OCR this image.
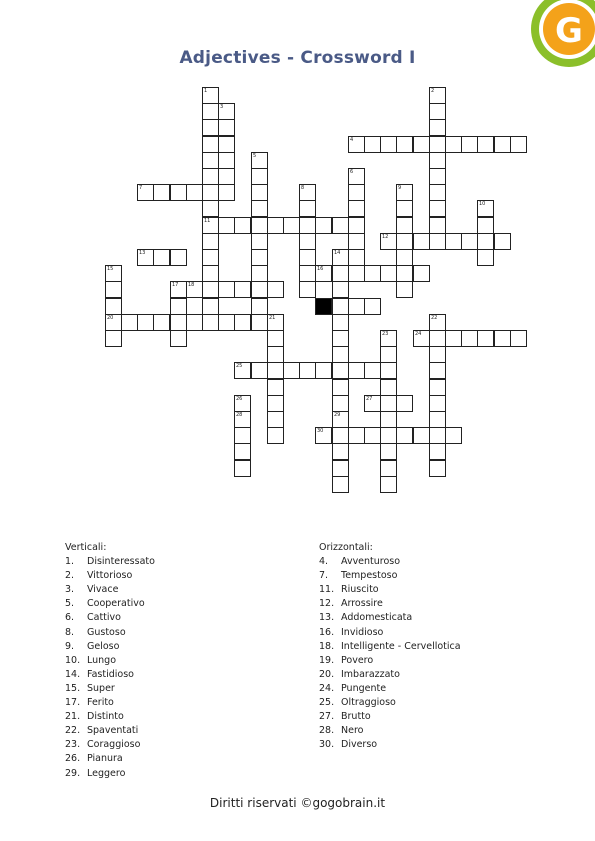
G
Adjectives - Crossword I
1
11
2
3
4
5
6
7	8	9
10
12
13	14
15
20
16
17 18
21	22
23	24
25
26
28
27
29
30
Verticali:
1. Disinteressato
2. Vittorioso
3. Vivace
5. Cooperativo
6. Cattivo
8. Gustoso
9. Geloso
10. Lungo
14. Fastidioso
15. Super
17. Ferito
21. Distinto
22. Spaventati
23. Coraggioso
26. Pianura
29. Leggero
Orizzontali:
4. Avventuroso
7. Tempestoso
11. Riuscito
12. Arrossire
13. Addomesticata
16. Invidioso
18. Intelligente - Cervellotica
19. Povero
20. Imbarazzato
24. Pungente
25. Oltraggioso
27. Brutto
28. Nero
30. Diverso
Diritti riservati ©gogobrain.it
